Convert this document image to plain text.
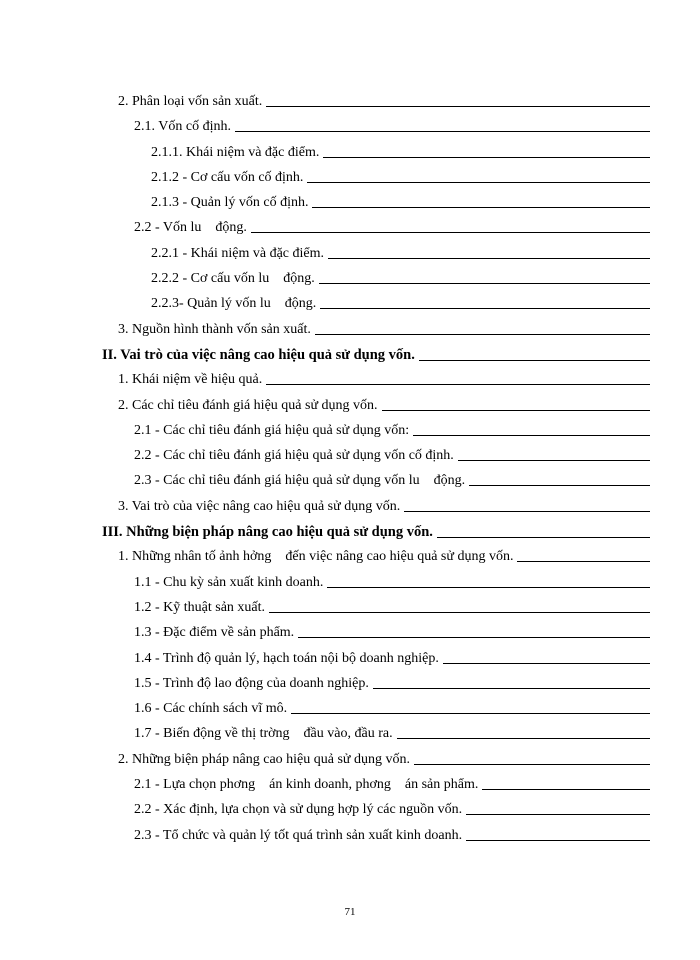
2. Phân loại vốn sản xuất.
2.1. Vốn cố định.
2.1.1. Khái niệm và đặc điểm.
2.1.2 - Cơ cấu vốn cố định.
2.1.3 - Quản lý vốn cố định.
2.2 - Vốn lu    động.
2.2.1 - Khái niệm và đặc điểm.
2.2.2 - Cơ cấu vốn lu    động.
2.2.3- Quản lý vốn lu    động.
3. Nguồn hình thành vốn sản xuất.
II. Vai trò của việc nâng cao hiệu quả sử dụng vốn.
1. Khái niệm về hiệu quả.
2. Các chỉ tiêu đánh giá hiệu quả sử dụng vốn.
2.1 - Các chỉ tiêu đánh giá hiệu quả sử dụng vốn:
2.2 - Các chỉ tiêu đánh giá hiệu quả sử dụng vốn cố định.
2.3 - Các chỉ tiêu đánh giá hiệu quả sử dụng vốn lu    động.
3. Vai trò của việc nâng cao hiệu quả sử dụng vốn.
III. Những biện pháp nâng cao hiệu quả sử dụng vốn.
1. Những nhân tố ảnh hởng    đến việc nâng cao hiệu quả sử dụng vốn.
1.1 - Chu kỳ sản xuất kinh doanh.
1.2 - Kỹ thuật sản xuất.
1.3 - Đặc điểm về sản phẩm.
1.4 - Trình độ quản lý, hạch toán nội bộ doanh nghiệp.
1.5 - Trình độ lao động của doanh nghiệp.
1.6 - Các chính sách vĩ mô.
1.7 - Biến động về thị trờng    đầu vào, đầu ra.
2. Những biện pháp nâng cao hiệu quả sử dụng vốn.
2.1 - Lựa chọn phơng    án kinh doanh, phơng    án sản phẩm.
2.2 - Xác định, lựa chọn và sử dụng hợp lý các nguồn vốn.
2.3 - Tổ chức và quản lý tốt quá trình sản xuất kinh doanh.
71
